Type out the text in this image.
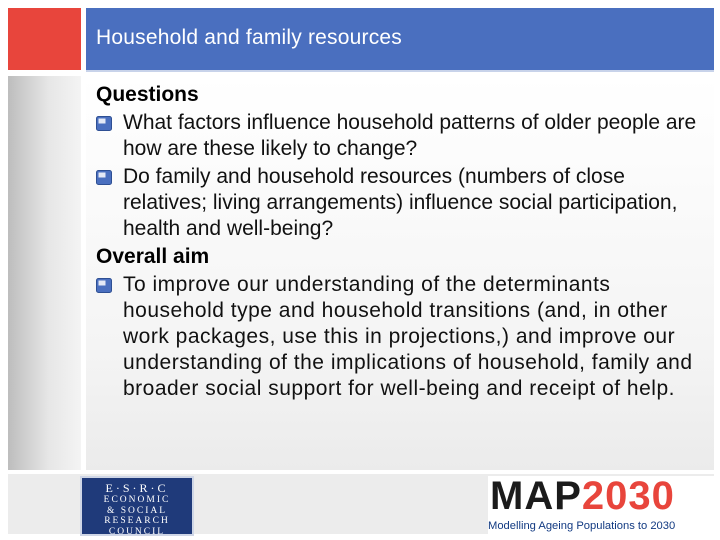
Household and family resources
Questions
What factors influence household patterns of older people are how are these likely to change?
Do family and household resources (numbers of close relatives; living arrangements) influence social participation, health and well-being?
Overall aim
To improve our understanding of the determinants household type and household transitions (and, in other work packages, use this in projections,) and improve our understanding of the implications of household, family and broader social support for well-being and receipt of help.
E·S·R·C
ECONOMIC
& SOCIAL
RESEARCH
COUNCIL
MAP2030
Modelling Ageing Populations to 2030
